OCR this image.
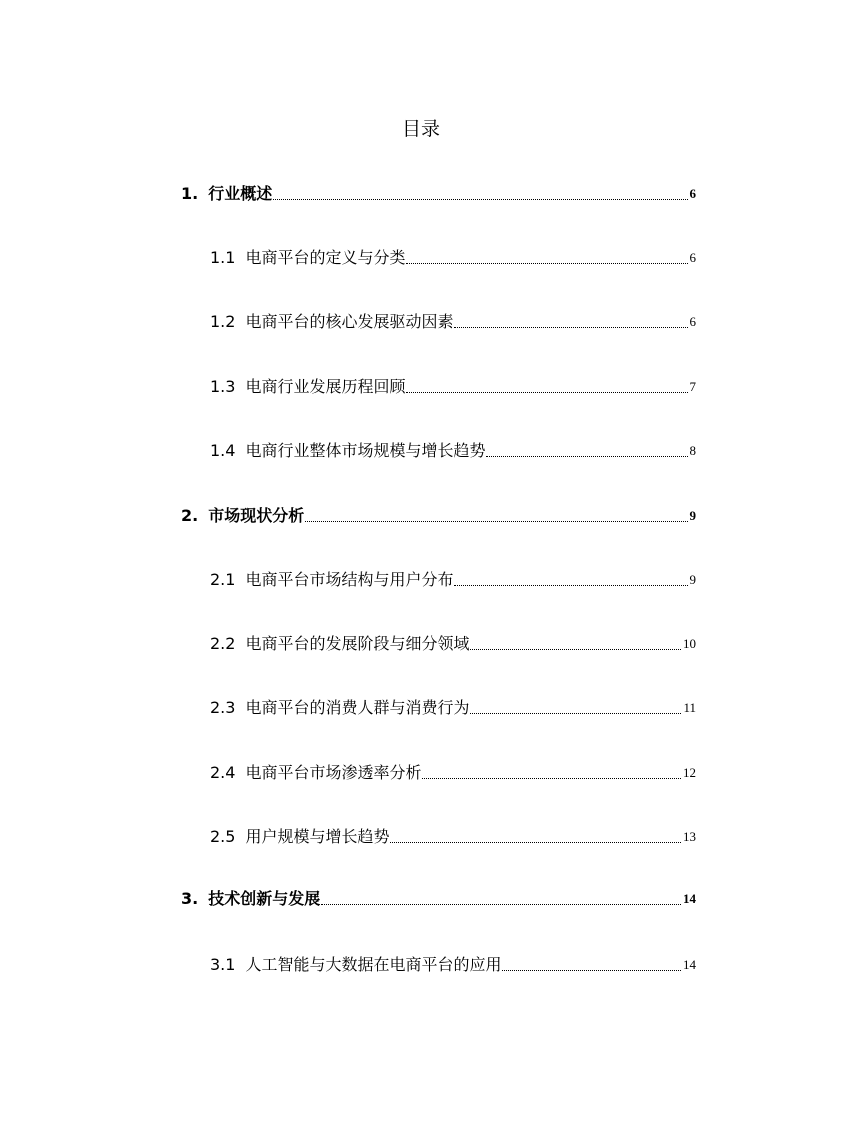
目录
1. 行业概述	6
1.1 电商平台的定义与分类	6
1.2 电商平台的核心发展驱动因素	6
1.3 电商行业发展历程回顾	7
1.4 电商行业整体市场规模与增长趋势	8
2. 市场现状分析	9
2.1 电商平台市场结构与用户分布	9
2.2 电商平台的发展阶段与细分领域	10
2.3 电商平台的消费人群与消费行为	11
2.4 电商平台市场渗透率分析	12
2.5 用户规模与增长趋势	13
3. 技术创新与发展	14
3.1 人工智能与大数据在电商平台的应用	14
